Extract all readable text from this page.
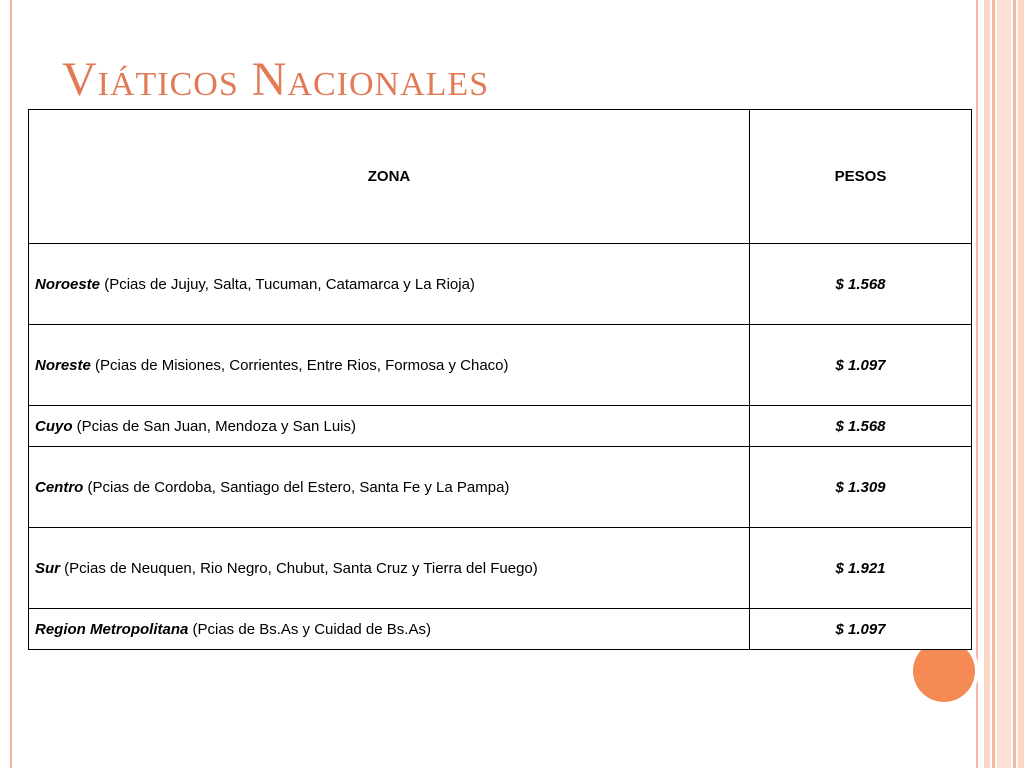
Viáticos Nacionales
ZONA	PESOS
Noroeste (Pcias de Jujuy, Salta, Tucuman, Catamarca y La Rioja)	$ 1.568
Noreste (Pcias de Misiones, Corrientes, Entre Rios, Formosa y Chaco)	$ 1.097
Cuyo (Pcias de San Juan, Mendoza y San Luis)	$ 1.568
Centro (Pcias de Cordoba, Santiago del Estero, Santa Fe y La Pampa)	$ 1.309
Sur (Pcias de Neuquen, Rio Negro, Chubut, Santa Cruz y Tierra del Fuego)	$ 1.921
Region Metropolitana (Pcias de Bs.As y Cuidad de Bs.As)	$ 1.097
